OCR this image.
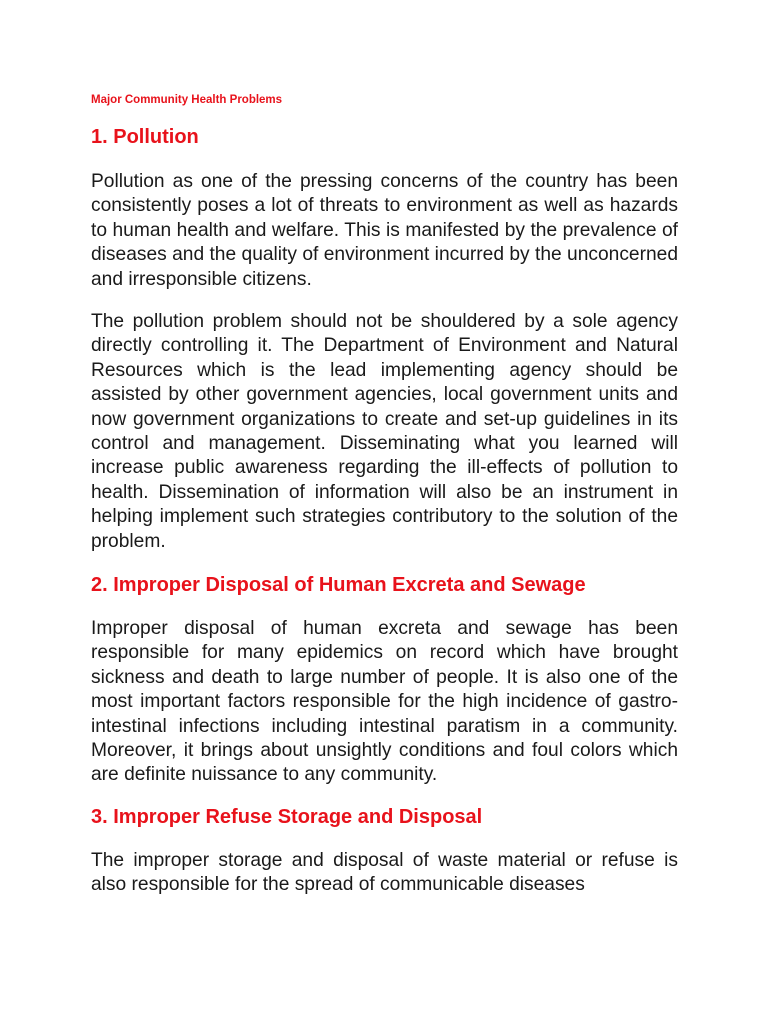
Major Community Health Problems
1. Pollution
Pollution as one of the pressing concerns of the country has been consistently poses a lot of threats to environment as well as hazards to human health and welfare. This is manifested by the prevalence of diseases and the quality of environment incurred by the unconcerned and irresponsible citizens.
The pollution problem should not be shouldered by a sole agency directly controlling it. The Department of Environment and Natural Resources which is the lead implementing agency should be assisted by other government agencies, local government units and now government organizations to create and set-up guidelines in its control and management. Disseminating what you learned will increase public awareness regarding the ill-effects of pollution to health. Dissemination of information will also be an instrument in helping implement such strategies contributory to the solution of the problem.
2. Improper Disposal of Human Excreta and Sewage
Improper disposal of human excreta and sewage has been responsible for many epidemics on record which have brought sickness and death to large number of people. It is also one of the most important factors responsible for the high incidence of gastro-intestinal infections including intestinal paratism in a community. Moreover, it brings about unsightly conditions and foul colors which are definite nuissance to any community.
3. Improper Refuse Storage and Disposal
The improper storage and disposal of waste material or refuse is also responsible for the spread of communicable diseases
